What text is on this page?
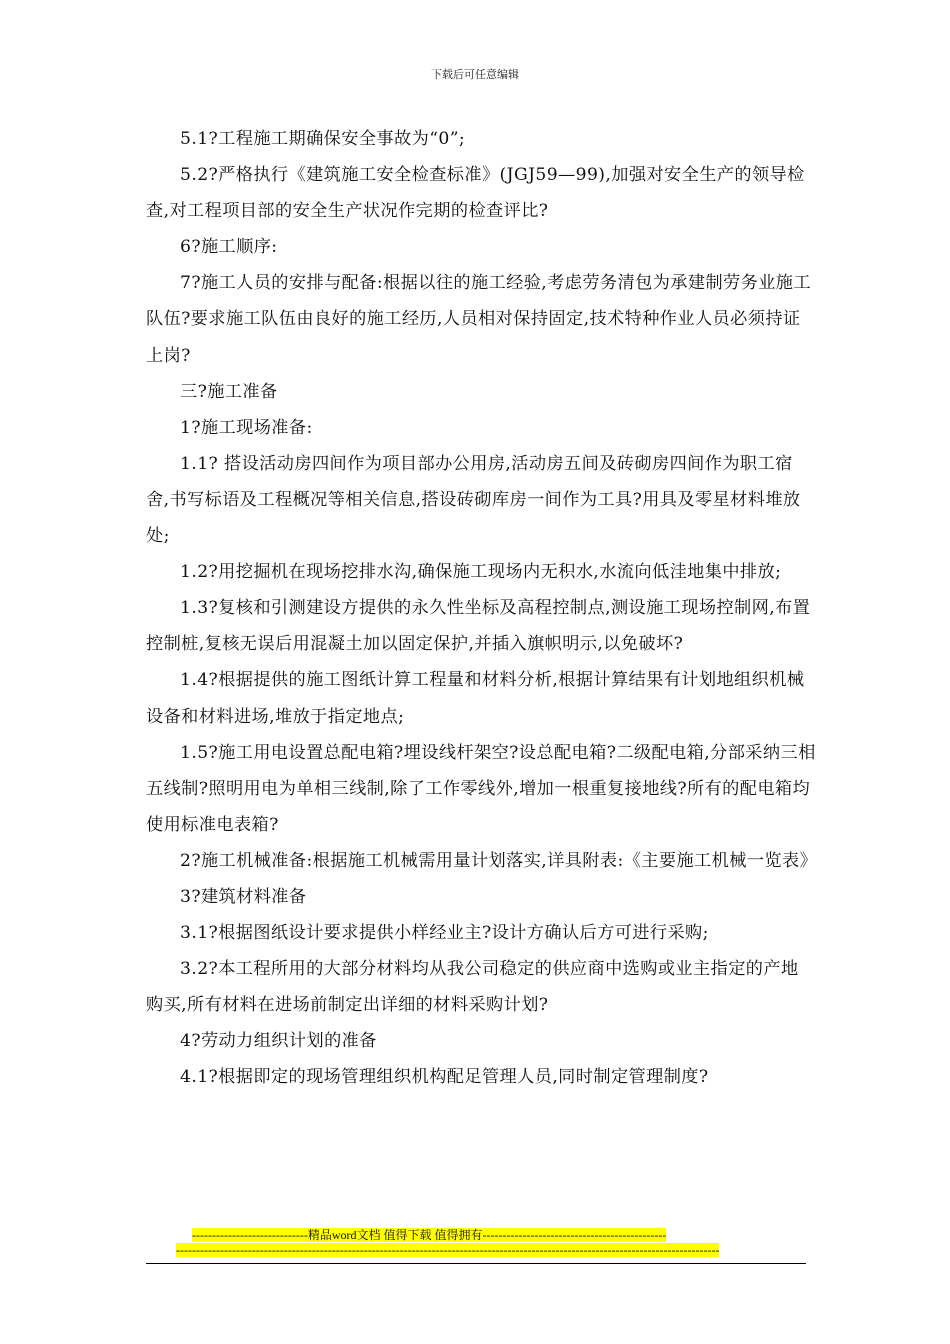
下载后可任意编辑

5.1?工程施工期确保安全事故为“0”;

5.2?严格执行《建筑施工安全检查标准》(JGJ59—99),加强对安全生产的领导检查,对工程项目部的安全生产状况作完期的检查评比?

6?施工顺序:

7?施工人员的安排与配备:根据以往的施工经验,考虑劳务清包为承建制劳务业施工队伍?要求施工队伍由良好的施工经历,人员相对保持固定,技术特种作业人员必须持证上岗?

三?施工准备

1?施工现场准备:

1.1? 搭设活动房四间作为项目部办公用房,活动房五间及砖砌房四间作为职工宿舍,书写标语及工程概况等相关信息,搭设砖砌库房一间作为工具?用具及零星材料堆放处;

1.2?用挖掘机在现场挖排水沟,确保施工现场内无积水,水流向低洼地集中排放;

1.3?复核和引测建设方提供的永久性坐标及高程控制点,测设施工现场控制网,布置控制桩,复核无误后用混凝土加以固定保护,并插入旗帜明示,以免破坏?

1.4?根据提供的施工图纸计算工程量和材料分析,根据计算结果有计划地组织机械设备和材料进场,堆放于指定地点;

1.5?施工用电设置总配电箱?埋设线杆架空?设总配电箱?二级配电箱,分部采纳三相五线制?照明用电为单相三线制,除了工作零线外,增加一根重复接地线?所有的配电箱均使用标准电表箱?

2?施工机械准备:根据施工机械需用量计划落实,详具附表:《主要施工机械一览表》

3?建筑材料准备

3.1?根据图纸设计要求提供小样经业主?设计方确认后方可进行采购;

3.2?本工程所用的大部分材料均从我公司稳定的供应商中选购或业主指定的产地购买,所有材料在进场前制定出详细的材料采购计划?

4?劳动力组织计划的准备

4.1?根据即定的现场管理组织机构配足管理人员,同时制定管理制度?

-----------------------------精品word文档 值得下载 值得拥有----------------------------------------------
----------------------------------------------------------------------------------------------------------------------------------------
